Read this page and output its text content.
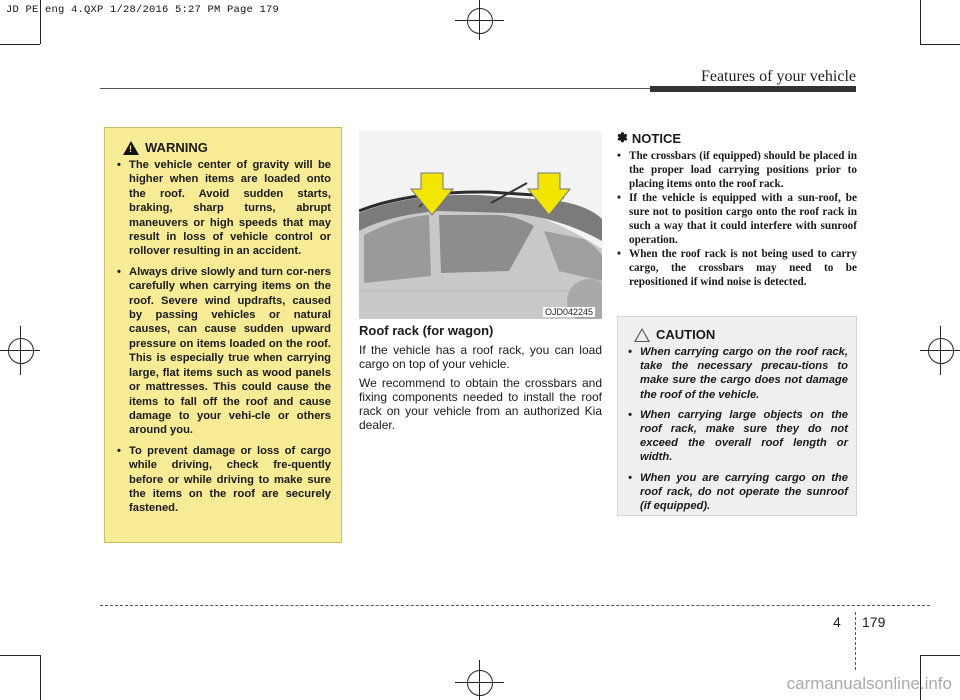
JD PE eng 4.QXP 1/28/2016 5:27 PM Page 179
Features of your vehicle
!
WARNING
• The vehicle center of gravity will be higher when items are loaded onto the roof. Avoid sudden starts, braking, sharp turns, abrupt maneuvers or high speeds that may result in loss of vehicle control or rollover resulting in an accident.
• Always drive slowly and turn cor-ners carefully when carrying items on the roof. Severe wind updrafts, caused by passing vehicles or natural causes, can cause sudden upward pressure on items loaded on the roof. This is especially true when carrying large, flat items such as wood panels or mattresses. This could cause the items to fall off the roof and cause damage to your vehi-cle or others around you.
• To prevent damage or loss of cargo while driving, check fre-quently before or while driving to make sure the items on the roof are securely fastened.
OJD042245

Roof rack (for wagon)

If the vehicle has a roof rack, you can load cargo on top of your vehicle.

We recommend to obtain the crossbars and fixing components needed to install the roof rack on your vehicle from an authorized Kia dealer.

✽ NOTICE
• The crossbars (if equipped) should be placed in the proper load carrying positions prior to placing items onto the roof rack.
• If the vehicle is equipped with a sun-roof, be sure not to position cargo onto the roof rack in such a way that it could interfere with sunroof operation.
• When the roof rack is not being used to carry cargo, the crossbars may need to be repositioned if wind noise is detected.
CAUTION
• When carrying cargo on the roof rack, take the necessary precau-tions to make sure the cargo does not damage the roof of the vehicle.
• When carrying large objects on the roof rack, make sure they do not exceed the overall roof length or width.
• When you are carrying cargo on the roof rack, do not operate the sunroof (if equipped).
4 179
carmanualsonline.info
